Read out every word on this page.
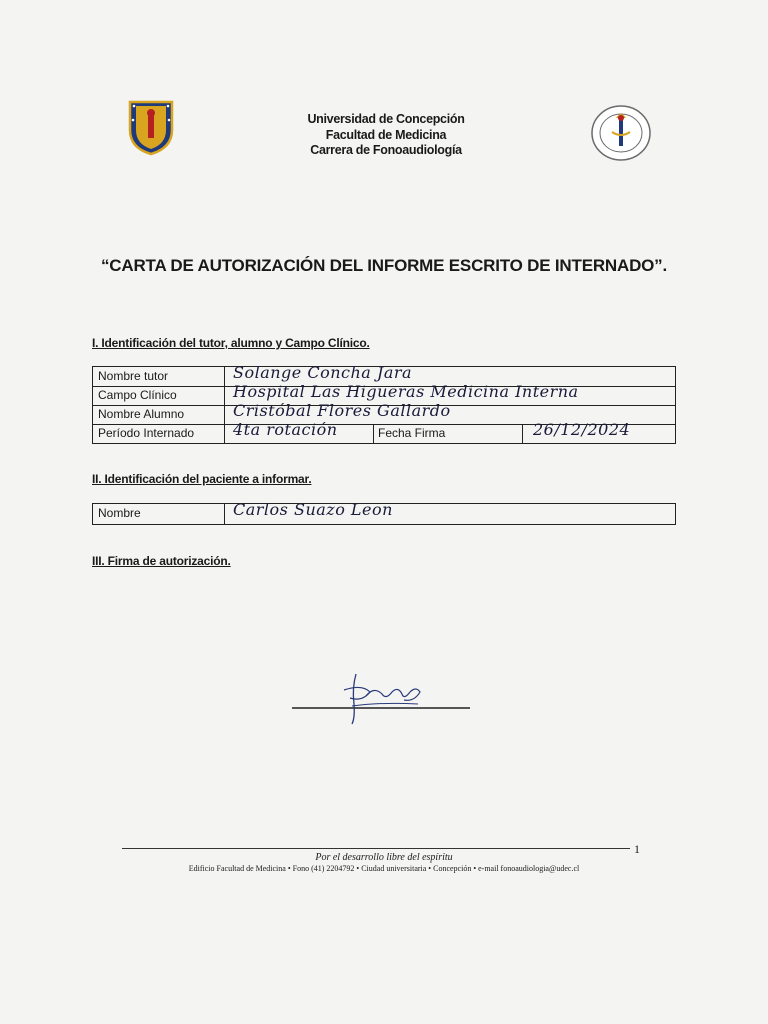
Universidad de Concepción
Facultad de Medicina
Carrera de Fonoaudiología
“CARTA DE AUTORIZACIÓN DEL INFORME ESCRITO DE INTERNADO”.
I. Identificación del tutor, alumno y Campo Clínico.
Nombre tutor	Solange Concha Jara
Campo Clínico	Hospital Las Higueras Medicina Interna
Nombre Alumno	Cristóbal Flores Gallardo
Período Internado	4ta rotación	Fecha Firma	26/12/2024
II. Identificación del paciente a informar.
Nombre	Carlos Suazo Leon
III. Firma de autorización.
1
Por el desarrollo libre del espíritu
Edificio Facultad de Medicina • Fono (41) 2204792 • Ciudad universitaria • Concepción • e-mail fonoaudiologia@udec.cl
